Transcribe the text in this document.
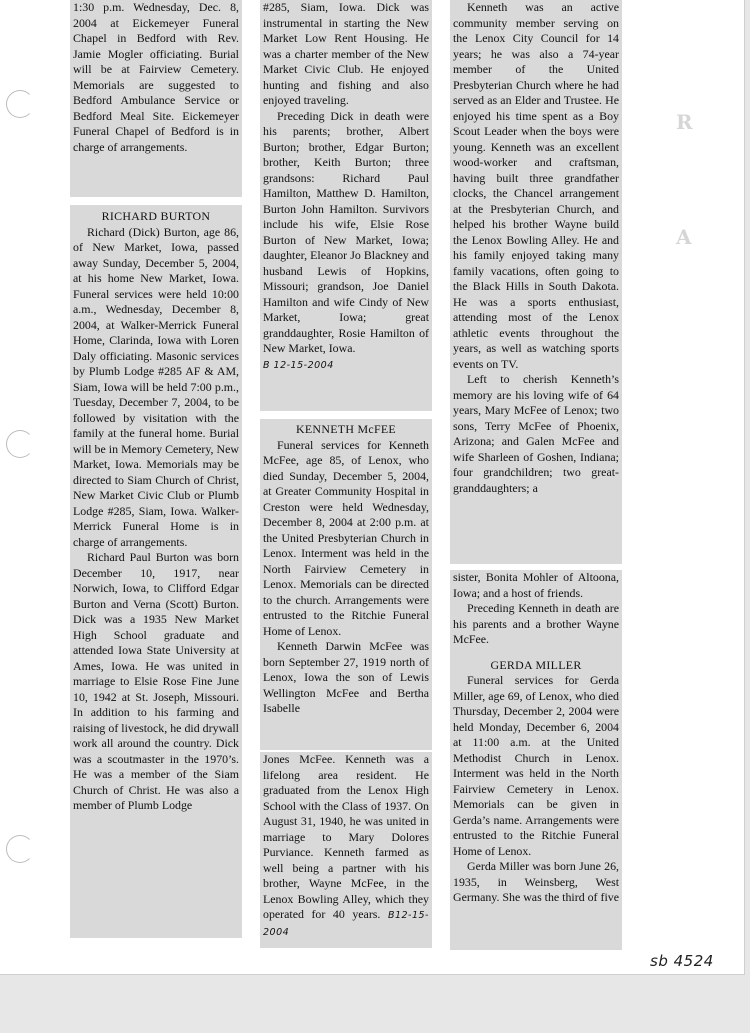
R
A

1:30 p.m. Wednesday, Dec. 8, 2004 at Eickemeyer Funeral Chapel in Bedford with Rev. Jamie Mogler officiating. Burial will be at Fairview Cemetery. Memorials are suggested to Bedford Ambulance Service or Bedford Meal Site. Eickemeyer Funeral Chapel of Bedford is in charge of arrangements.

RICHARD BURTON

Richard (Dick) Burton, age 86, of New Market, Iowa, passed away Sunday, December 5, 2004, at his home New Market, Iowa. Funeral services were held 10:00 a.m., Wednesday, December 8, 2004, at Walker-Merrick Funeral Home, Clarinda, Iowa with Loren Daly officiating. Masonic services by Plumb Lodge #285 AF & AM, Siam, Iowa will be held 7:00 p.m., Tuesday, December 7, 2004, to be followed by visitation with the family at the funeral home. Burial will be in Memory Cemetery, New Market, Iowa. Memorials may be directed to Siam Church of Christ, New Market Civic Club or Plumb Lodge #285, Siam, Iowa. Walker-Merrick Funeral Home is in charge of arrangements.

Richard Paul Burton was born December 10, 1917, near Norwich, Iowa, to Clifford Edgar Burton and Verna (Scott) Burton. Dick was a 1935 New Market High School graduate and attended Iowa State University at Ames, Iowa. He was united in marriage to Elsie Rose Fine June 10, 1942 at St. Joseph, Missouri. In addition to his farming and raising of livestock, he did drywall work all around the country. Dick was a scoutmaster in the 1970’s. He was a member of the Siam Church of Christ. He was also a member of Plumb Lodge

#285, Siam, Iowa. Dick was instrumental in starting the New Market Low Rent Housing. He was a charter member of the New Market Civic Club. He enjoyed hunting and fishing and also enjoyed traveling.

Preceding Dick in death were his parents; brother, Albert Burton; brother, Edgar Burton; brother, Keith Burton; three grandsons: Richard Paul Hamilton, Matthew D. Hamilton, Burton John Hamilton. Survivors include his wife, Elsie Rose Burton of New Market, Iowa; daughter, Eleanor Jo Blackney and husband Lewis of Hopkins, Missouri; grandson, Joe Daniel Hamilton and wife Cindy of New Market, Iowa; great granddaughter, Rosie Hamilton of New Market, Iowa.

B 12-15-2004

KENNETH McFEE

Funeral services for Kenneth McFee, age 85, of Lenox, who died Sunday, December 5, 2004, at Greater Community Hospital in Creston were held Wednesday, December 8, 2004 at 2:00 p.m. at the United Presbyterian Church in Lenox. Interment was held in the North Fairview Cemetery in Lenox. Memorials can be directed to the church. Arrangements were entrusted to the Ritchie Funeral Home of Lenox.

Kenneth Darwin McFee was born September 27, 1919 north of Lenox, Iowa the son of Lewis Wellington McFee and Bertha Isabelle

Jones McFee. Kenneth was a lifelong area resident. He graduated from the Lenox High School with the Class of 1937. On August 31, 1940, he was united in marriage to Mary Dolores Purviance. Kenneth farmed as well being a partner with his brother, Wayne McFee, in the Lenox Bowling Alley, which they operated for 40 years. B12-15-2004

Kenneth was an active community member serving on the Lenox City Council for 14 years; he was also a 74-year member of the United Presbyterian Church where he had served as an Elder and Trustee. He enjoyed his time spent as a Boy Scout Leader when the boys were young. Kenneth was an excellent wood-worker and craftsman, having built three grandfather clocks, the Chancel arrangement at the Presbyterian Church, and helped his brother Wayne build the Lenox Bowling Alley. He and his family enjoyed taking many family vacations, often going to the Black Hills in South Dakota. He was a sports enthusiast, attending most of the Lenox athletic events throughout the years, as well as watching sports events on TV.

Left to cherish Kenneth’s memory are his loving wife of 64 years, Mary McFee of Lenox; two sons, Terry McFee of Phoenix, Arizona; and Galen McFee and wife Sharleen of Goshen, Indiana; four grandchildren; two great-granddaughters; a

sister, Bonita Mohler of Altoona, Iowa; and a host of friends.

Preceding Kenneth in death are his parents and a brother Wayne McFee.

GERDA MILLER

Funeral services for Gerda Miller, age 69, of Lenox, who died Thursday, December 2, 2004 were held Monday, December 6, 2004 at 11:00 a.m. at the United Methodist Church in Lenox. Interment was held in the North Fairview Cemetery in Lenox. Memorials can be given in Gerda’s name. Arrangements were entrusted to the Ritchie Funeral Home of Lenox.

Gerda Miller was born June 26, 1935, in Weinsberg, West Germany. She was the third of five

sb 4524
